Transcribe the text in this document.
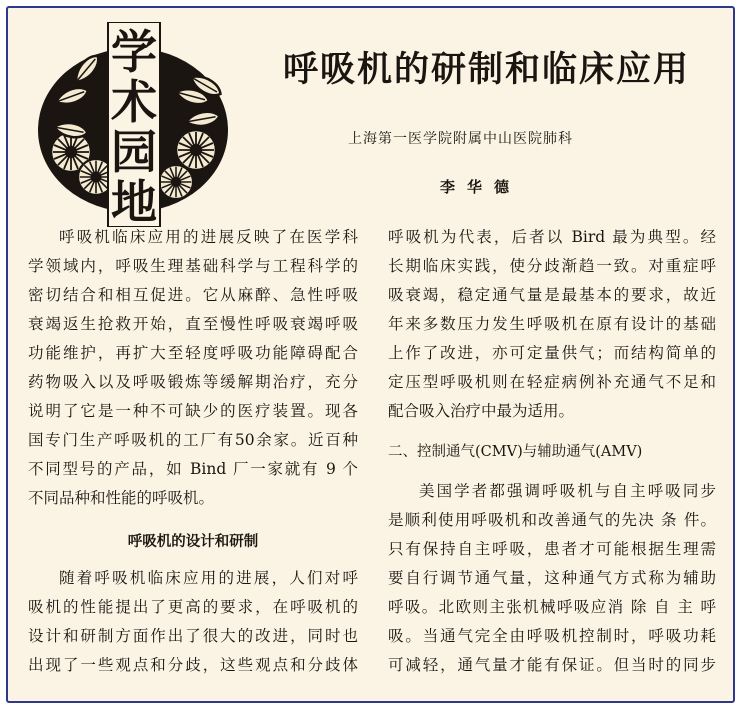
学
术
园
地
呼吸机的研制和临床应用
上海第一医学院附属中山医院肺科
李 华 德
呼吸机临床应用的进展反映了在医学科
学领域内，呼吸生理基础科学与工程科学的
密切结合和相互促进。它从麻醉、急性呼吸
衰竭返生抢救开始，直至慢性呼吸衰竭呼吸
功能维护，再扩大至轻度呼吸功能障碍配合
药物吸入以及呼吸锻炼等缓解期治疗，充分
说明了它是一种不可缺少的医疗装置。现各
国专门生产呼吸机的工厂有50余家。近百种
不同型号的产品，如 Bind 厂一家就有 9 个
不同品种和性能的呼吸机。
呼吸机的设计和研制
随着呼吸机临床应用的进展，人们对呼
吸机的性能提出了更高的要求，在呼吸机的
设计和研制方面作出了很大的改进，同时也
出现了一些观点和分歧，这些观点和分歧体
呼吸机为代表，后者以 Bird 最为典型。经
长期临床实践，使分歧渐趋一致。对重症呼
吸衰竭，稳定通气量是最基本的要求，故近
年来多数压力发生呼吸机在原有设计的基础
上作了改进，亦可定量供气；而结构简单的
定压型呼吸机则在轻症病例补充通气不足和
配合吸入治疗中最为适用。
二、控制通气(CMV)与辅助通气(AMV)
美国学者都强调呼吸机与自主呼吸同步
是顺利使用呼吸机和改善通气的先决 条 件。
只有保持自主呼吸，患者才可能根据生理需
要自行调节通气量，这种通气方式称为辅助
呼吸。北欧则主张机械呼吸应消 除 自 主 呼
吸。当通气完全由呼吸机控制时，呼吸功耗
可减轻，通气量才能有保证。但当时的同步
